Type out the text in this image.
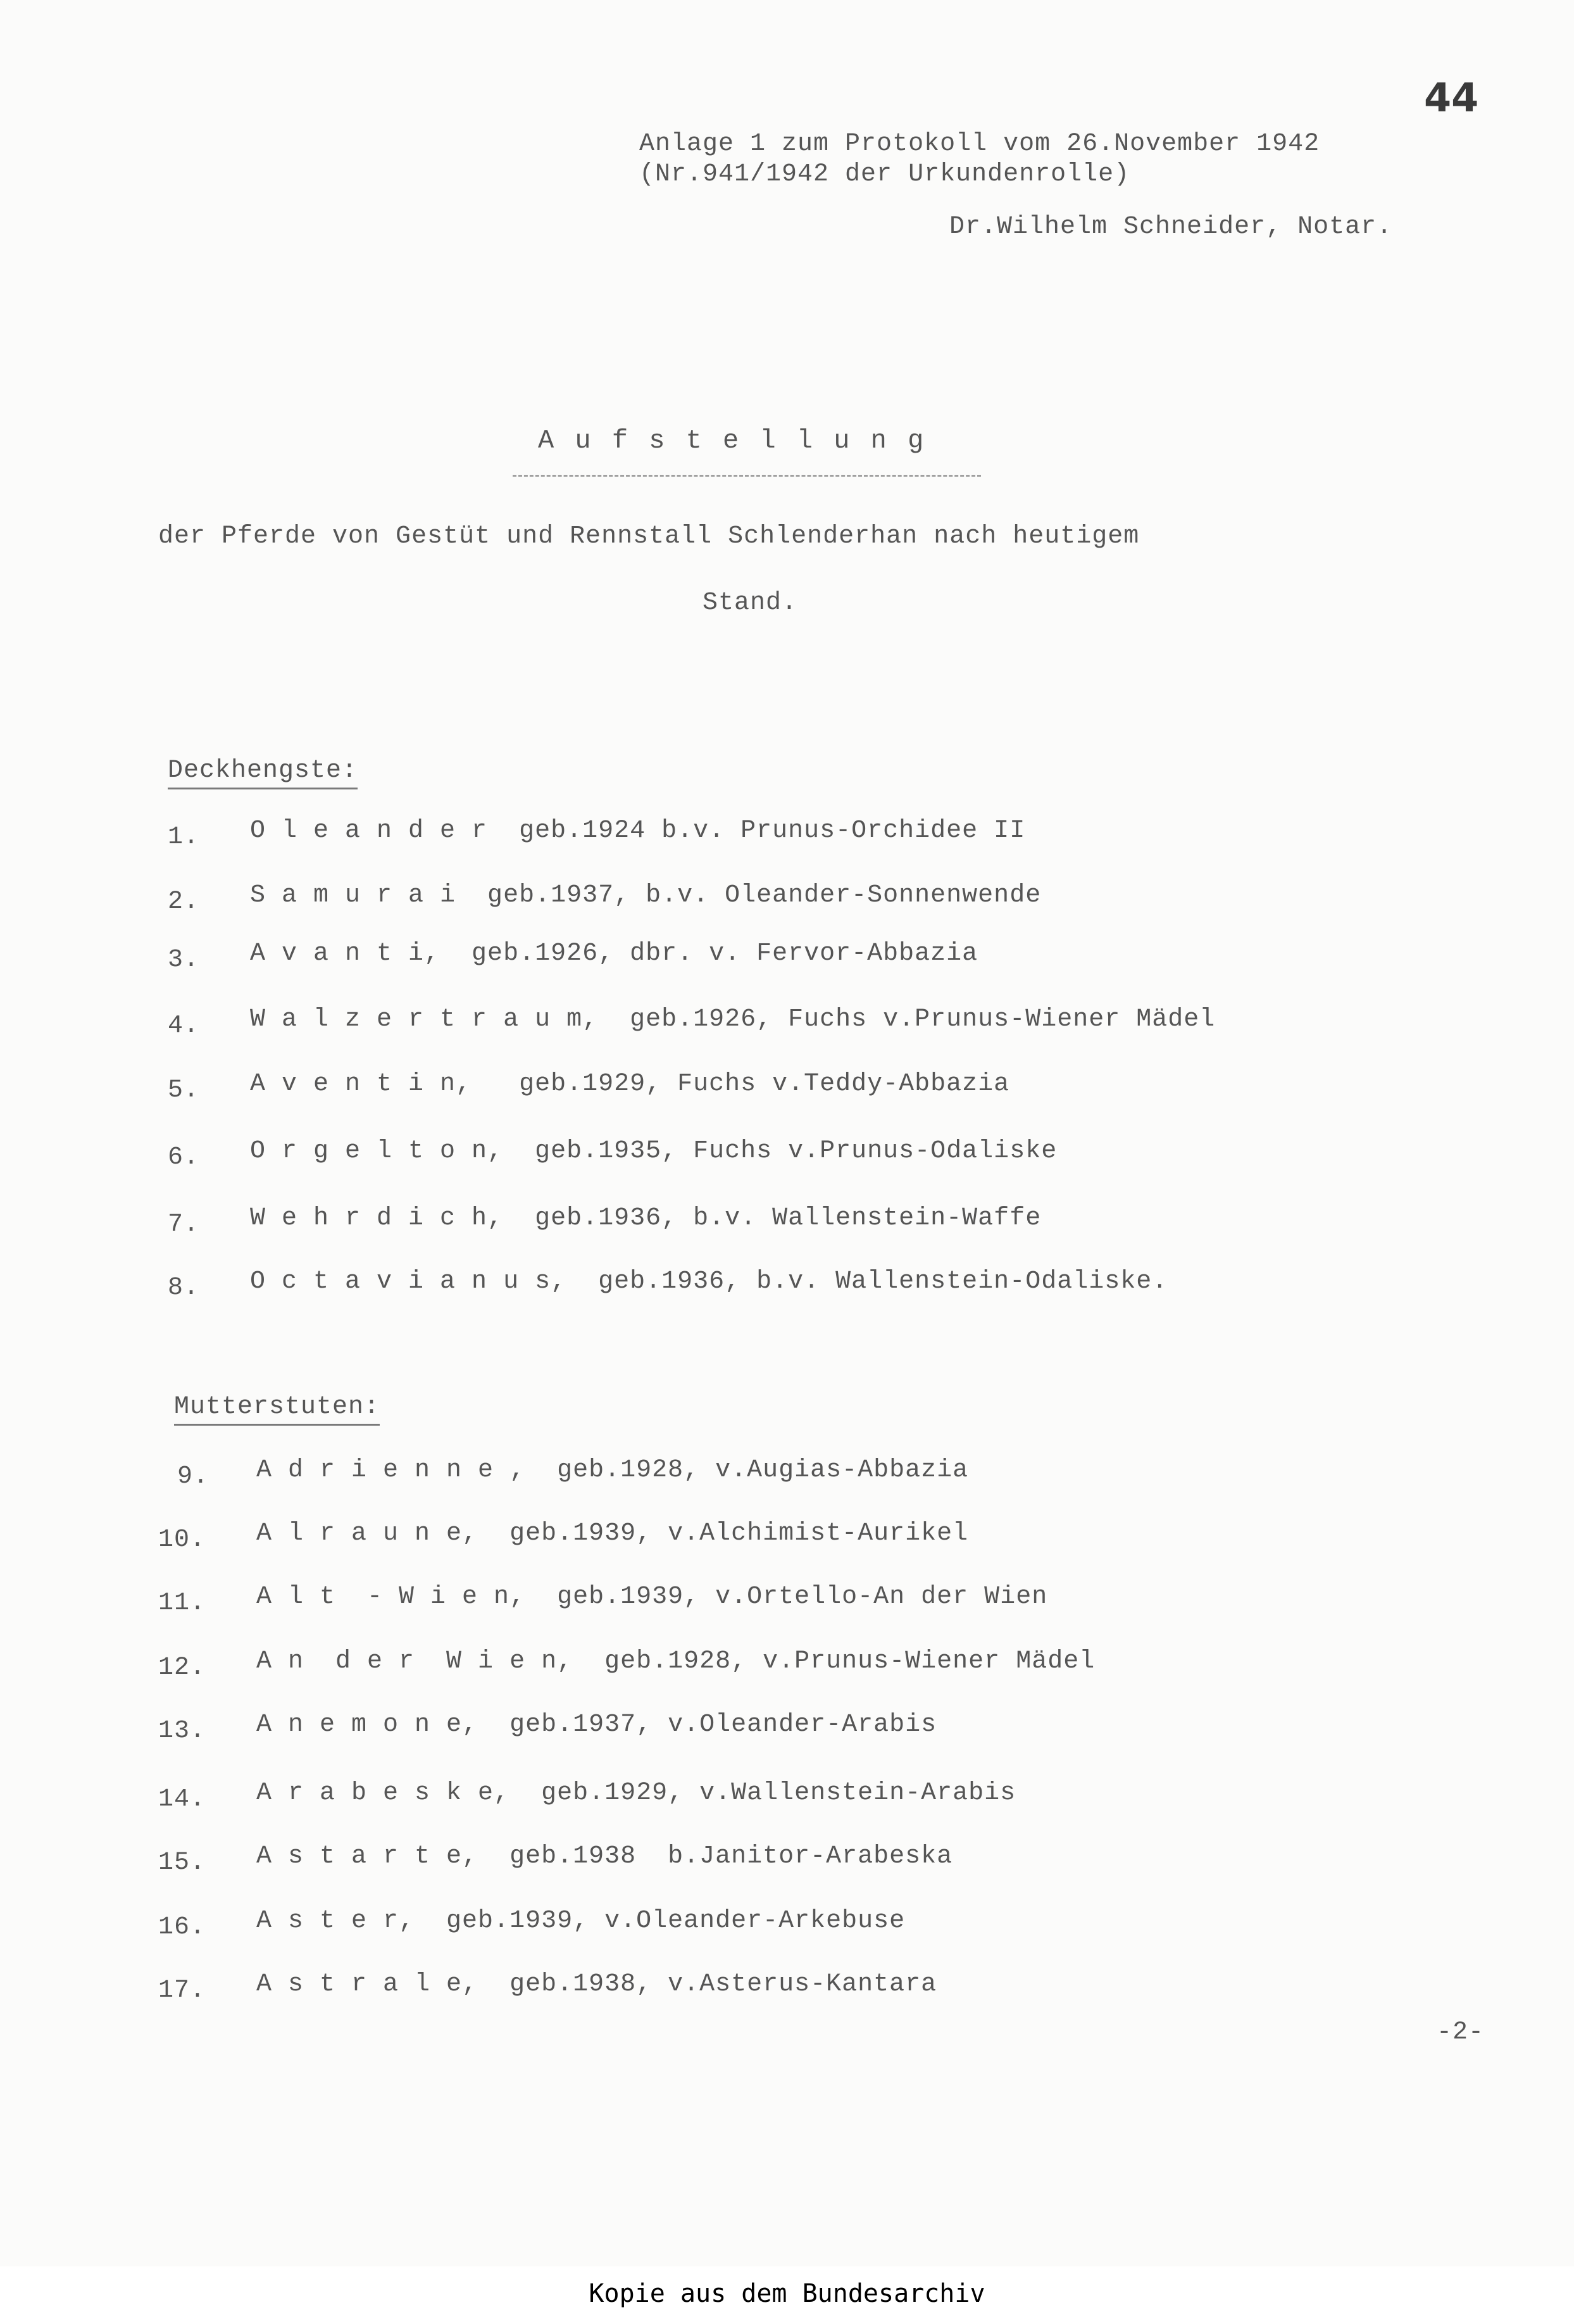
44
Anlage 1 zum Protokoll vom 26.November 1942
(Nr.941/1942 der Urkundenrolle)
Dr.Wilhelm Schneider, Notar.
A u f s t e l l u n g
der Pferde von Gestüt und Rennstall Schlenderhan nach heutigem
Stand.
Deckhengste:
1. O l e a n d e r  geb.1924 b.v. Prunus-Orchidee II
2. S a m u r a i  geb.1937, b.v. Oleander-Sonnenwende
3. A v a n t i,  geb.1926, dbr. v. Fervor-Abbazia
4. W a l z e r t r a u m,  geb.1926, Fuchs v.Prunus-Wiener Mädel
5. A v e n t i n,   geb.1929, Fuchs v.Teddy-Abbazia
6. O r g e l t o n,  geb.1935, Fuchs v.Prunus-Odaliske
7. W e h r d i c h,  geb.1936, b.v. Wallenstein-Waffe
8. O c t a v i a n u s,  geb.1936, b.v. Wallenstein-Odaliske.
Mutterstuten:
9. A d r i e n n e ,  geb.1928, v.Augias-Abbazia
10. A l r a u n e,  geb.1939, v.Alchimist-Aurikel
11. A l t  - W i e n,  geb.1939, v.Ortello-An der Wien
12. A n  d e r  W i e n,  geb.1928, v.Prunus-Wiener Mädel
13. A n e m o n e,  geb.1937, v.Oleander-Arabis
14. A r a b e s k e,  geb.1929, v.Wallenstein-Arabis
15. A s t a r t e,  geb.1938  b.Janitor-Arabeska
16. A s t e r,  geb.1939, v.Oleander-Arkebuse
17. A s t r a l e,  geb.1938, v.Asterus-Kantara
-2-
Kopie aus dem Bundesarchiv
